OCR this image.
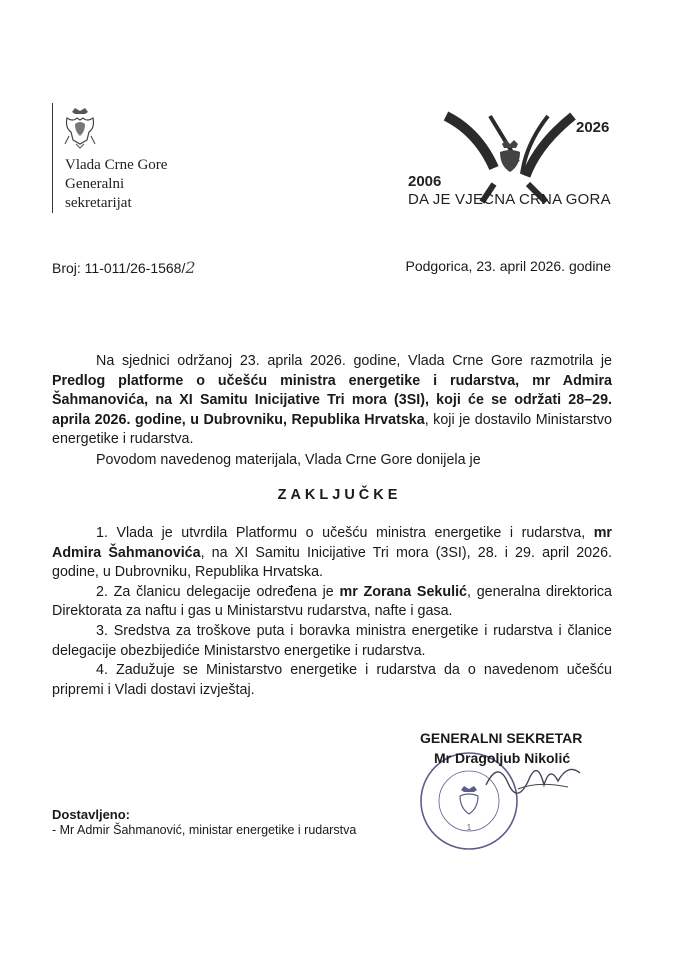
Vlada Crne Gore
Generalni
sekretarijat
2026
2006
DA JE VJEČNA CRNA GORA
Broj: 11-011/26-1568/2	Podgorica, 23. april 2026. godine
Na sjednici održanoj 23. aprila 2026. godine, Vlada Crne Gore razmotrila je Predlog platforme o učešću ministra energetike i rudarstva, mr Admira Šahmanovića, na XI Samitu Inicijative Tri mora (3SI), koji će se održati 28–29. aprila 2026. godine, u Dubrovniku, Republika Hrvatska, koji je dostavilo Ministarstvo energetike i rudarstva.
Povodom navedenog materijala, Vlada Crne Gore donijela je
ZAKLJUČKE

1. Vlada je utvrdila Platformu o učešću ministra energetike i rudarstva, mr Admira Šahmanovića, na XI Samitu Inicijative Tri mora (3SI), 28. i 29. april 2026. godine, u Dubrovniku, Republika Hrvatska.

2. Za članicu delegacije određena je mr Zorana Sekulić, generalna direktorica Direktorata za naftu i gas u Ministarstvu rudarstva, nafte i gasa.

3. Sredstva za troškove puta i boravka ministra energetike i rudarstva i članice delegacije obezbijediće Ministarstvo energetike i rudarstva.

4. Zadužuje se Ministarstvo energetike i rudarstva da o navedenom učešću pripremi i Vladi dostavi izvještaj.

1
GENERALNI SEKRETAR
Mr Dragoljub Nikolić
Dostavljeno:
- Mr Admir Šahmanović, ministar energetike i rudarstva
